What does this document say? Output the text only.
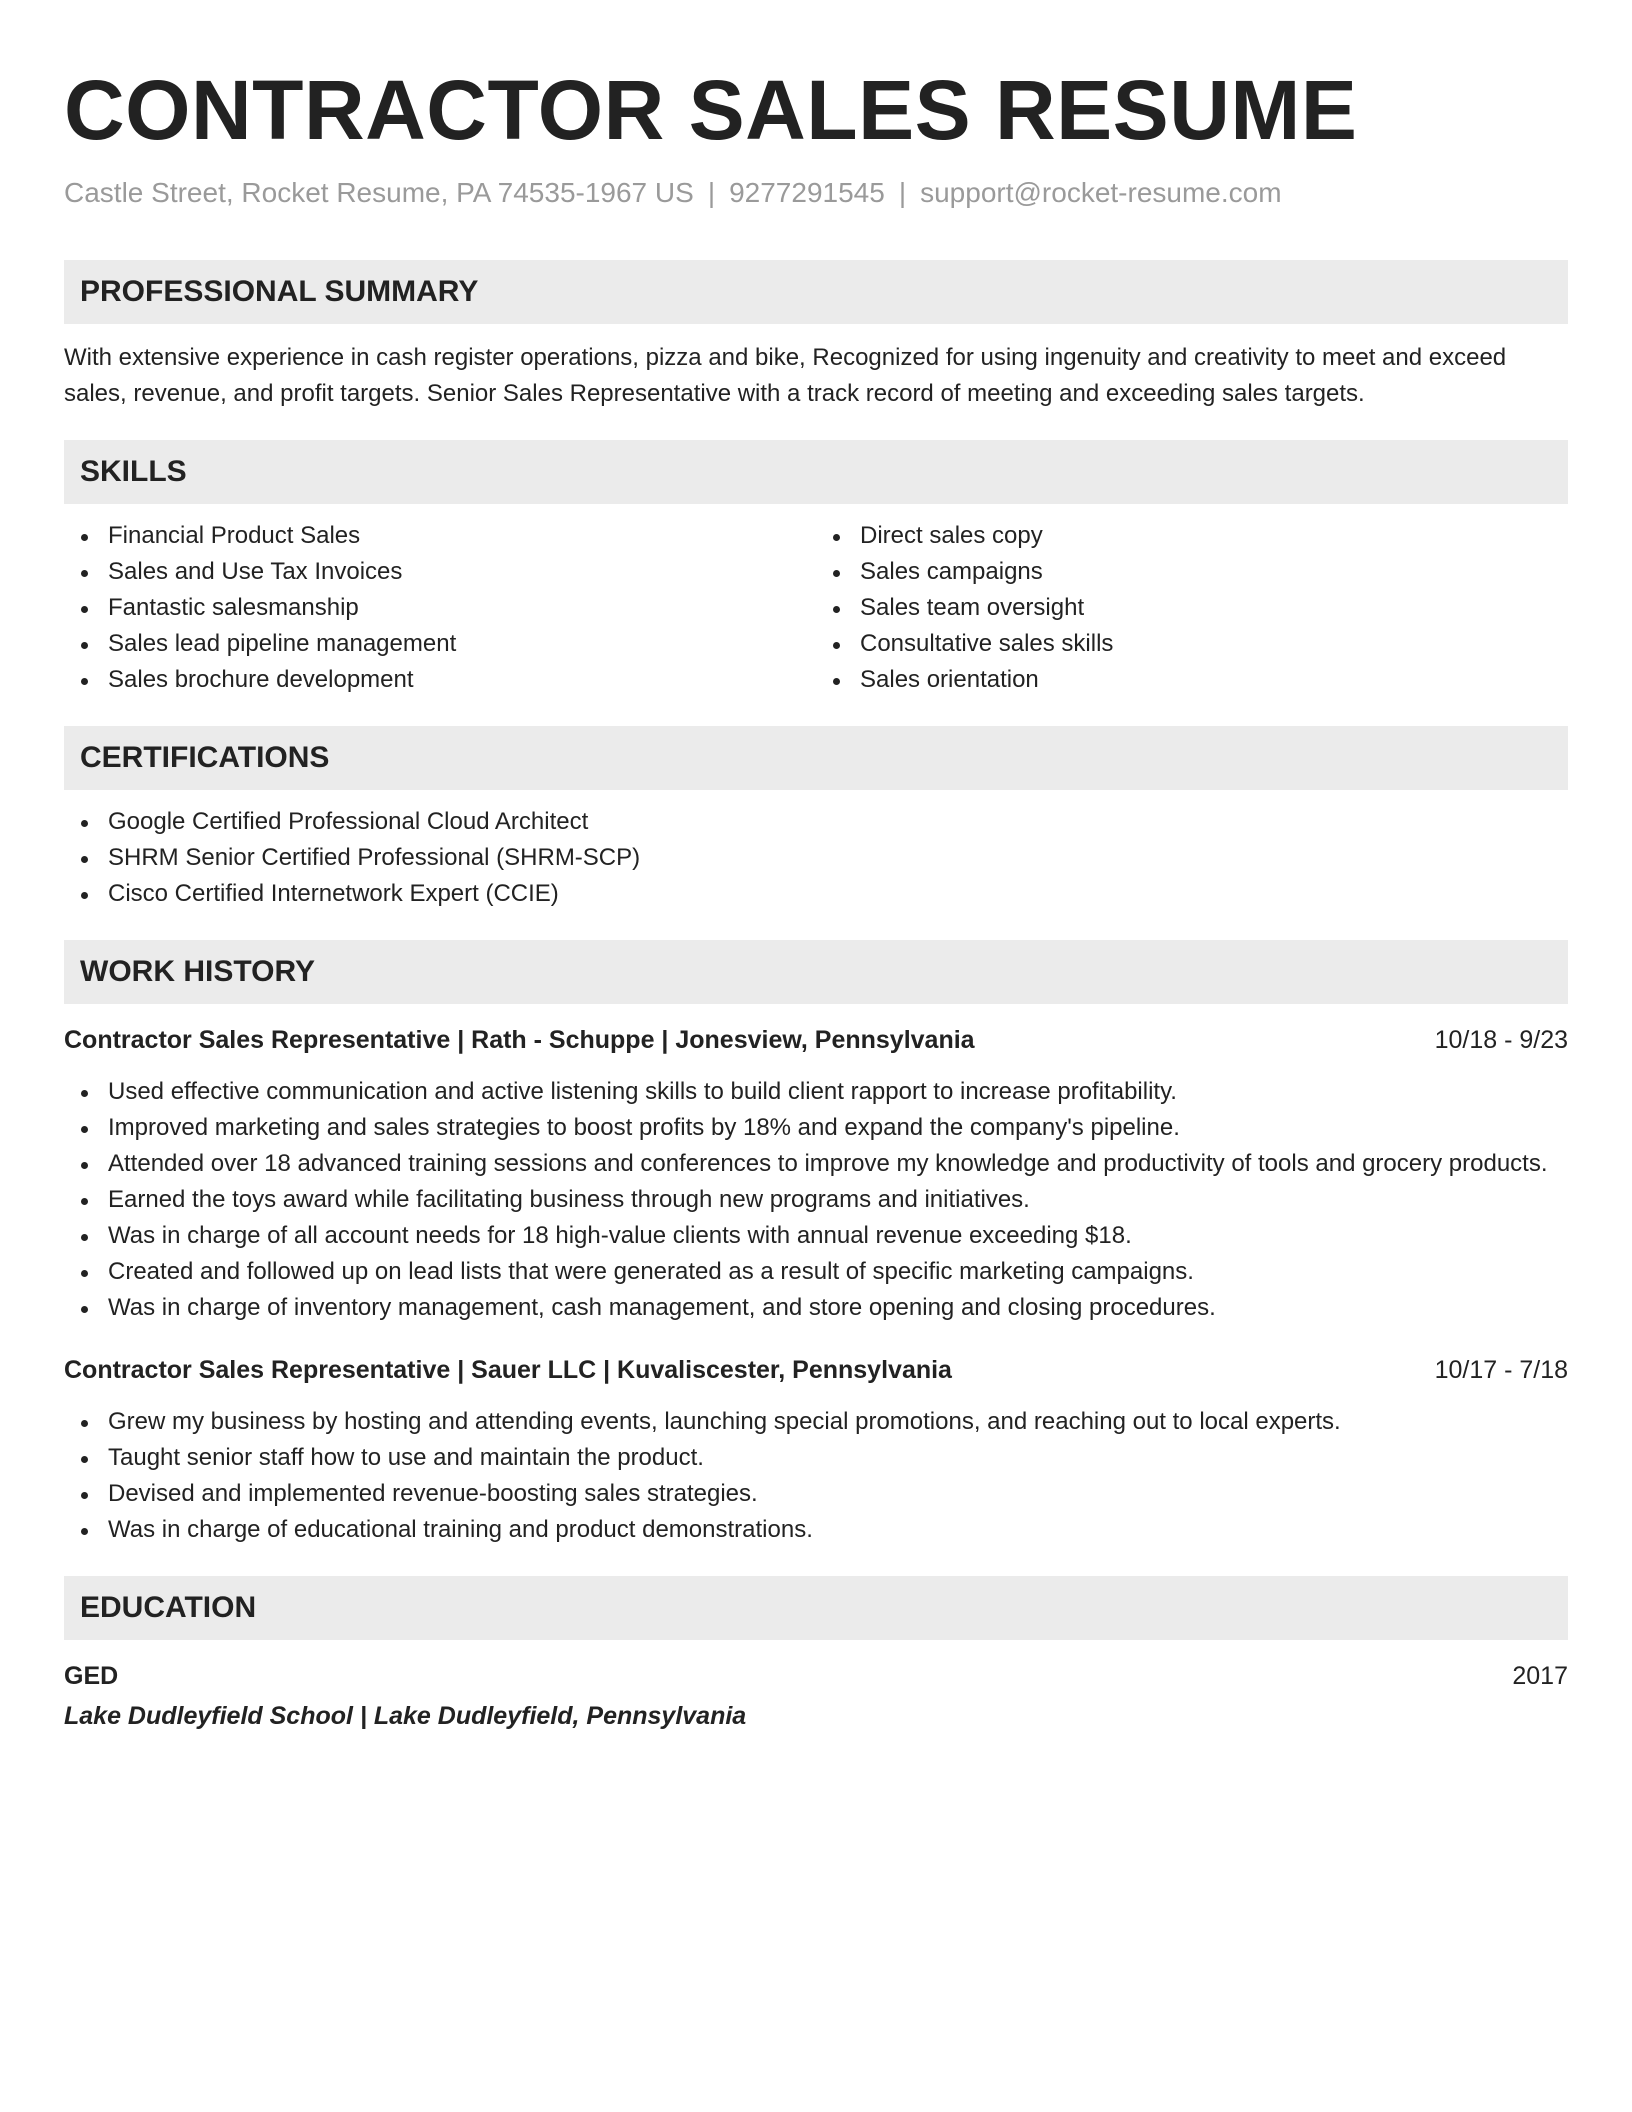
CONTRACTOR SALES RESUME
Castle Street, Rocket Resume, PA 74535-1967 US | 9277291545 | support@rocket-resume.com
PROFESSIONAL SUMMARY
With extensive experience in cash register operations, pizza and bike, Recognized for using ingenuity and creativity to meet and exceed sales, revenue, and profit targets. Senior Sales Representative with a track record of meeting and exceeding sales targets.
SKILLS
Financial Product Sales
Sales and Use Tax Invoices
Fantastic salesmanship
Sales lead pipeline management
Sales brochure development
Direct sales copy
Sales campaigns
Sales team oversight
Consultative sales skills
Sales orientation
CERTIFICATIONS
Google Certified Professional Cloud Architect
SHRM Senior Certified Professional (SHRM-SCP)
Cisco Certified Internetwork Expert (CCIE)
WORK HISTORY
Contractor Sales Representative | Rath - Schuppe | Jonesview, Pennsylvania	10/18 - 9/23
Used effective communication and active listening skills to build client rapport to increase profitability.
Improved marketing and sales strategies to boost profits by 18% and expand the company's pipeline.
Attended over 18 advanced training sessions and conferences to improve my knowledge and productivity of tools and grocery products.
Earned the toys award while facilitating business through new programs and initiatives.
Was in charge of all account needs for 18 high-value clients with annual revenue exceeding $18.
Created and followed up on lead lists that were generated as a result of specific marketing campaigns.
Was in charge of inventory management, cash management, and store opening and closing procedures.
Contractor Sales Representative | Sauer LLC | Kuvaliscester, Pennsylvania	10/17 - 7/18
Grew my business by hosting and attending events, launching special promotions, and reaching out to local experts.
Taught senior staff how to use and maintain the product.
Devised and implemented revenue-boosting sales strategies.
Was in charge of educational training and product demonstrations.
EDUCATION
GED	2017
Lake Dudleyfield School | Lake Dudleyfield, Pennsylvania
